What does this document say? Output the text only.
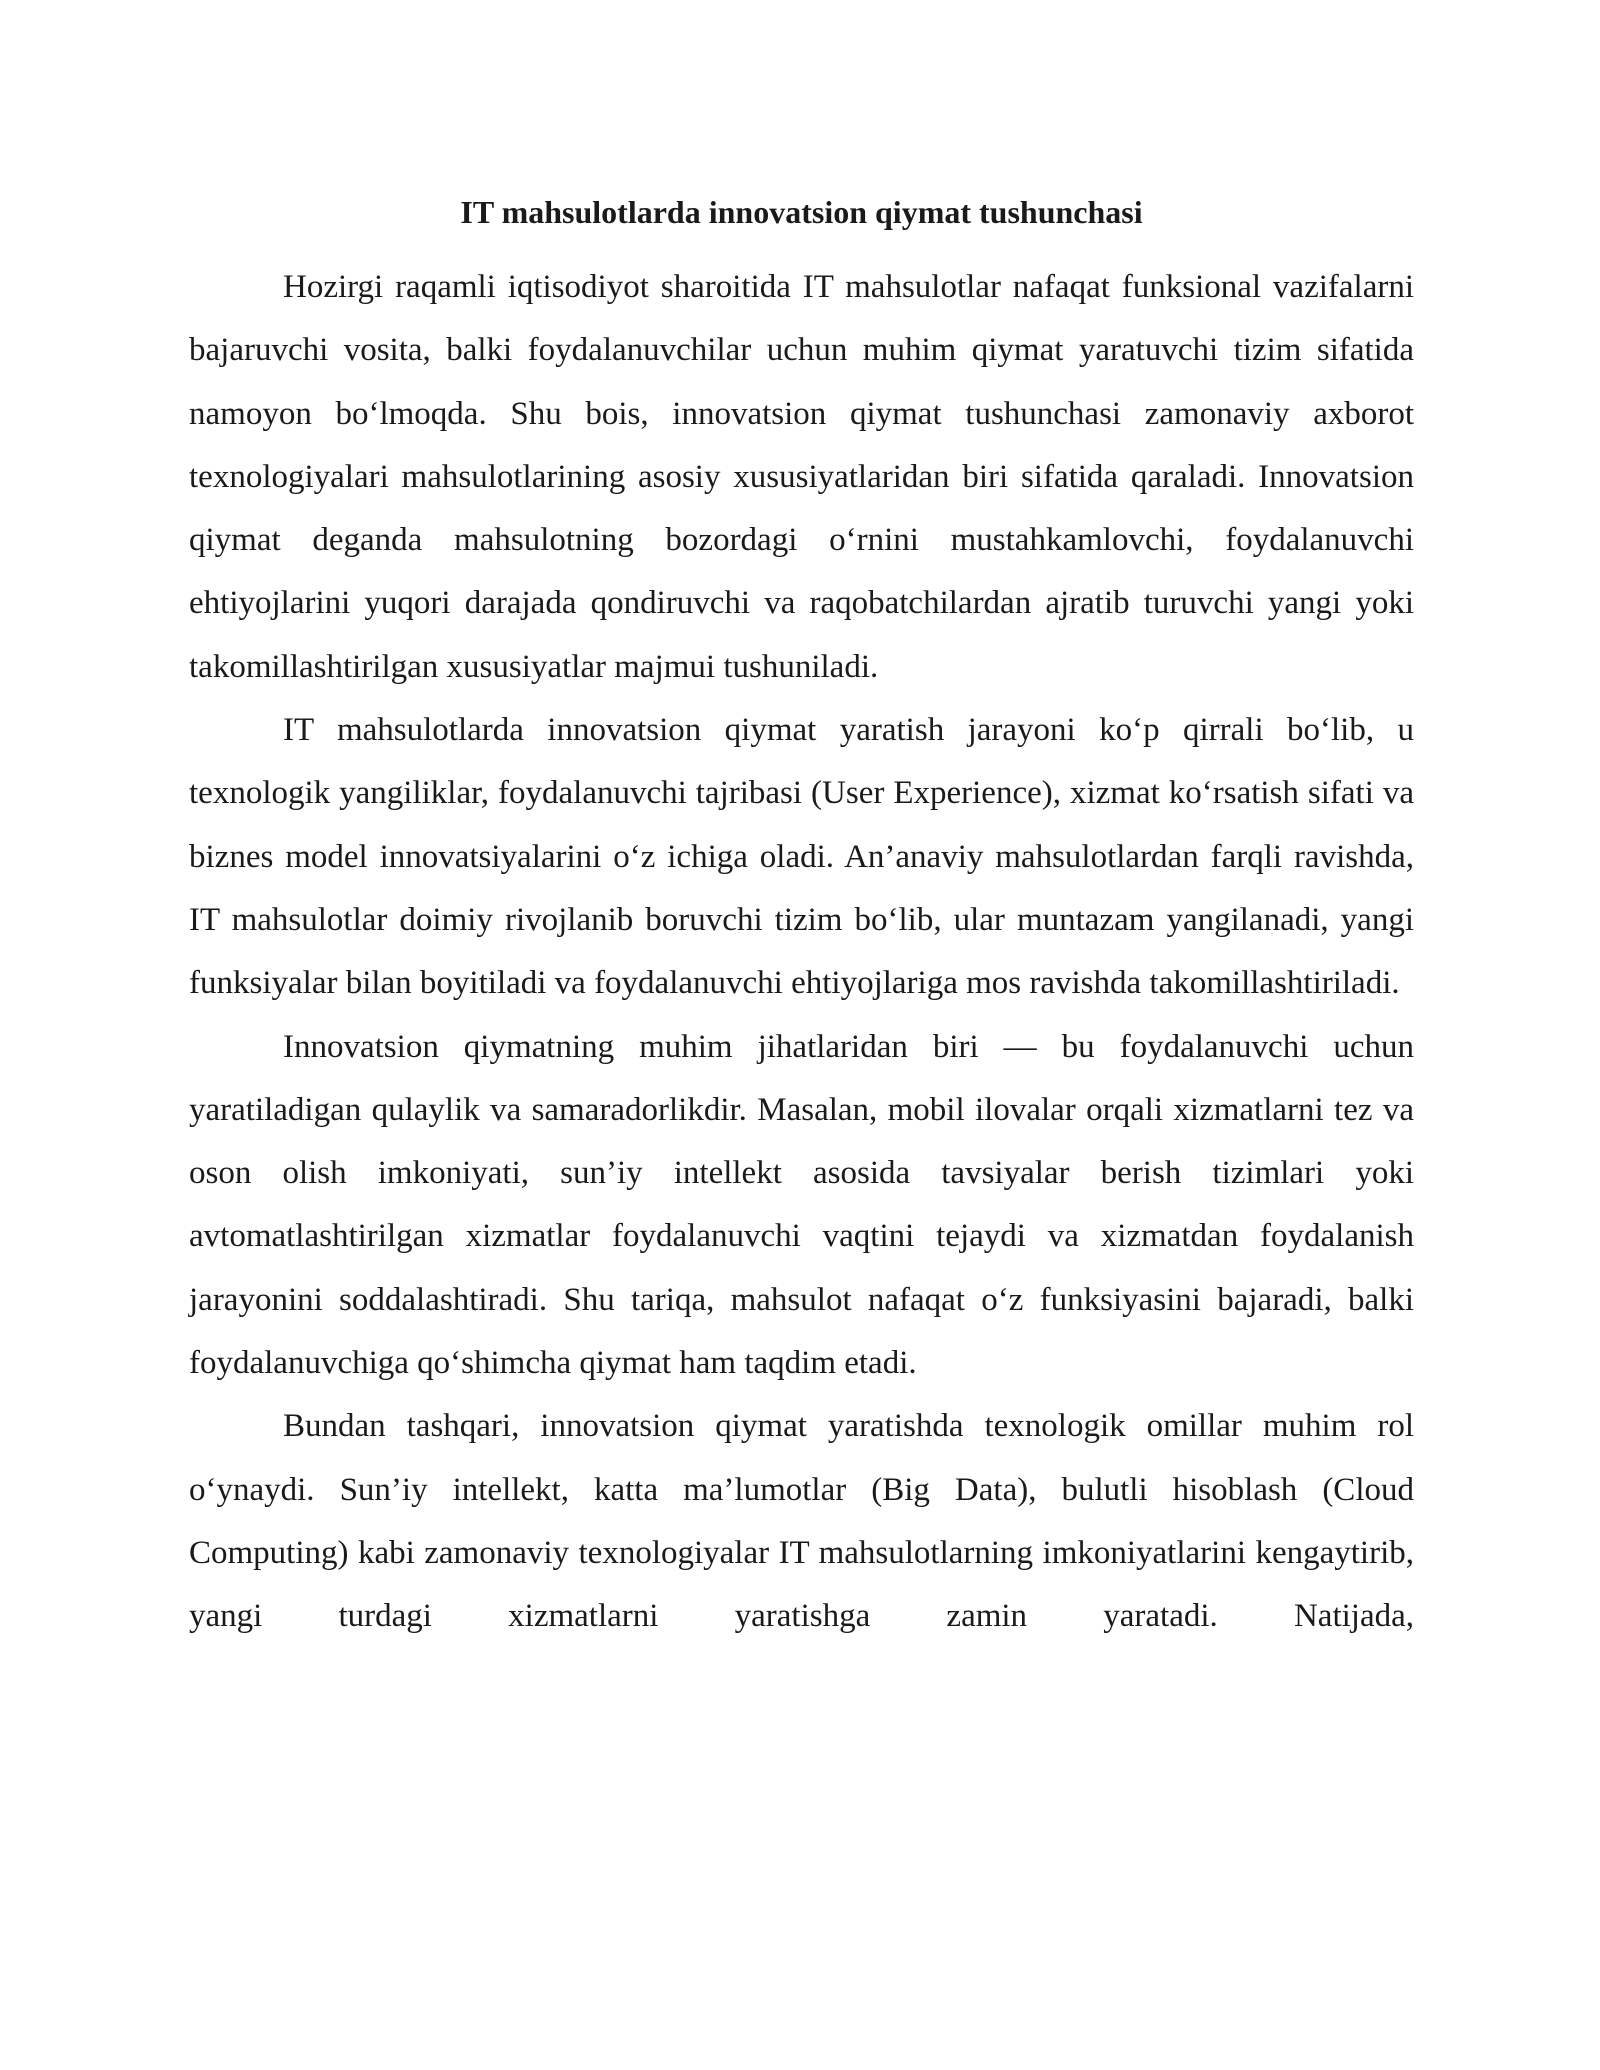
IT mahsulotlarda innovatsion qiymat tushunchasi

Hozirgi raqamli iqtisodiyot sharoitida IT mahsulotlar nafaqat funksional vazifalarni bajaruvchi vosita, balki foydalanuvchilar uchun muhim qiymat yaratuvchi tizim sifatida namoyon bo‘lmoqda. Shu bois, innovatsion qiymat tushunchasi zamonaviy axborot texnologiyalari mahsulotlarining asosiy xususiyatlaridan biri sifatida qaraladi. Innovatsion qiymat deganda mahsulotning bozordagi o‘rnini mustahkamlovchi, foydalanuvchi ehtiyojlarini yuqori darajada qondiruvchi va raqobatchilardan ajratib turuvchi yangi yoki takomillashtirilgan xususiyatlar majmui tushuniladi.

IT mahsulotlarda innovatsion qiymat yaratish jarayoni ko‘p qirrali bo‘lib, u texnologik yangiliklar, foydalanuvchi tajribasi (User Experience), xizmat ko‘rsatish sifati va biznes model innovatsiyalarini o‘z ichiga oladi. An’anaviy mahsulotlardan farqli ravishda, IT mahsulotlar doimiy rivojlanib boruvchi tizim bo‘lib, ular muntazam yangilanadi, yangi funksiyalar bilan boyitiladi va foydalanuvchi ehtiyojlariga mos ravishda takomillashtiriladi.

Innovatsion qiymatning muhim jihatlaridan biri — bu foydalanuvchi uchun yaratiladigan qulaylik va samaradorlikdir. Masalan, mobil ilovalar orqali xizmatlarni tez va oson olish imkoniyati, sun’iy intellekt asosida tavsiyalar berish tizimlari yoki avtomatlashtirilgan xizmatlar foydalanuvchi vaqtini tejaydi va xizmatdan foydalanish jarayonini soddalashtiradi. Shu tariqa, mahsulot nafaqat o‘z funksiyasini bajaradi, balki foydalanuvchiga qo‘shimcha qiymat ham taqdim etadi.

Bundan tashqari, innovatsion qiymat yaratishda texnologik omillar muhim rol o‘ynaydi. Sun’iy intellekt, katta ma’lumotlar (Big Data), bulutli hisoblash (Cloud Computing) kabi zamonaviy texnologiyalar IT mahsulotlarning imkoniyatlarini kengaytirib, yangi turdagi xizmatlarni yaratishga zamin yaratadi. Natijada,
